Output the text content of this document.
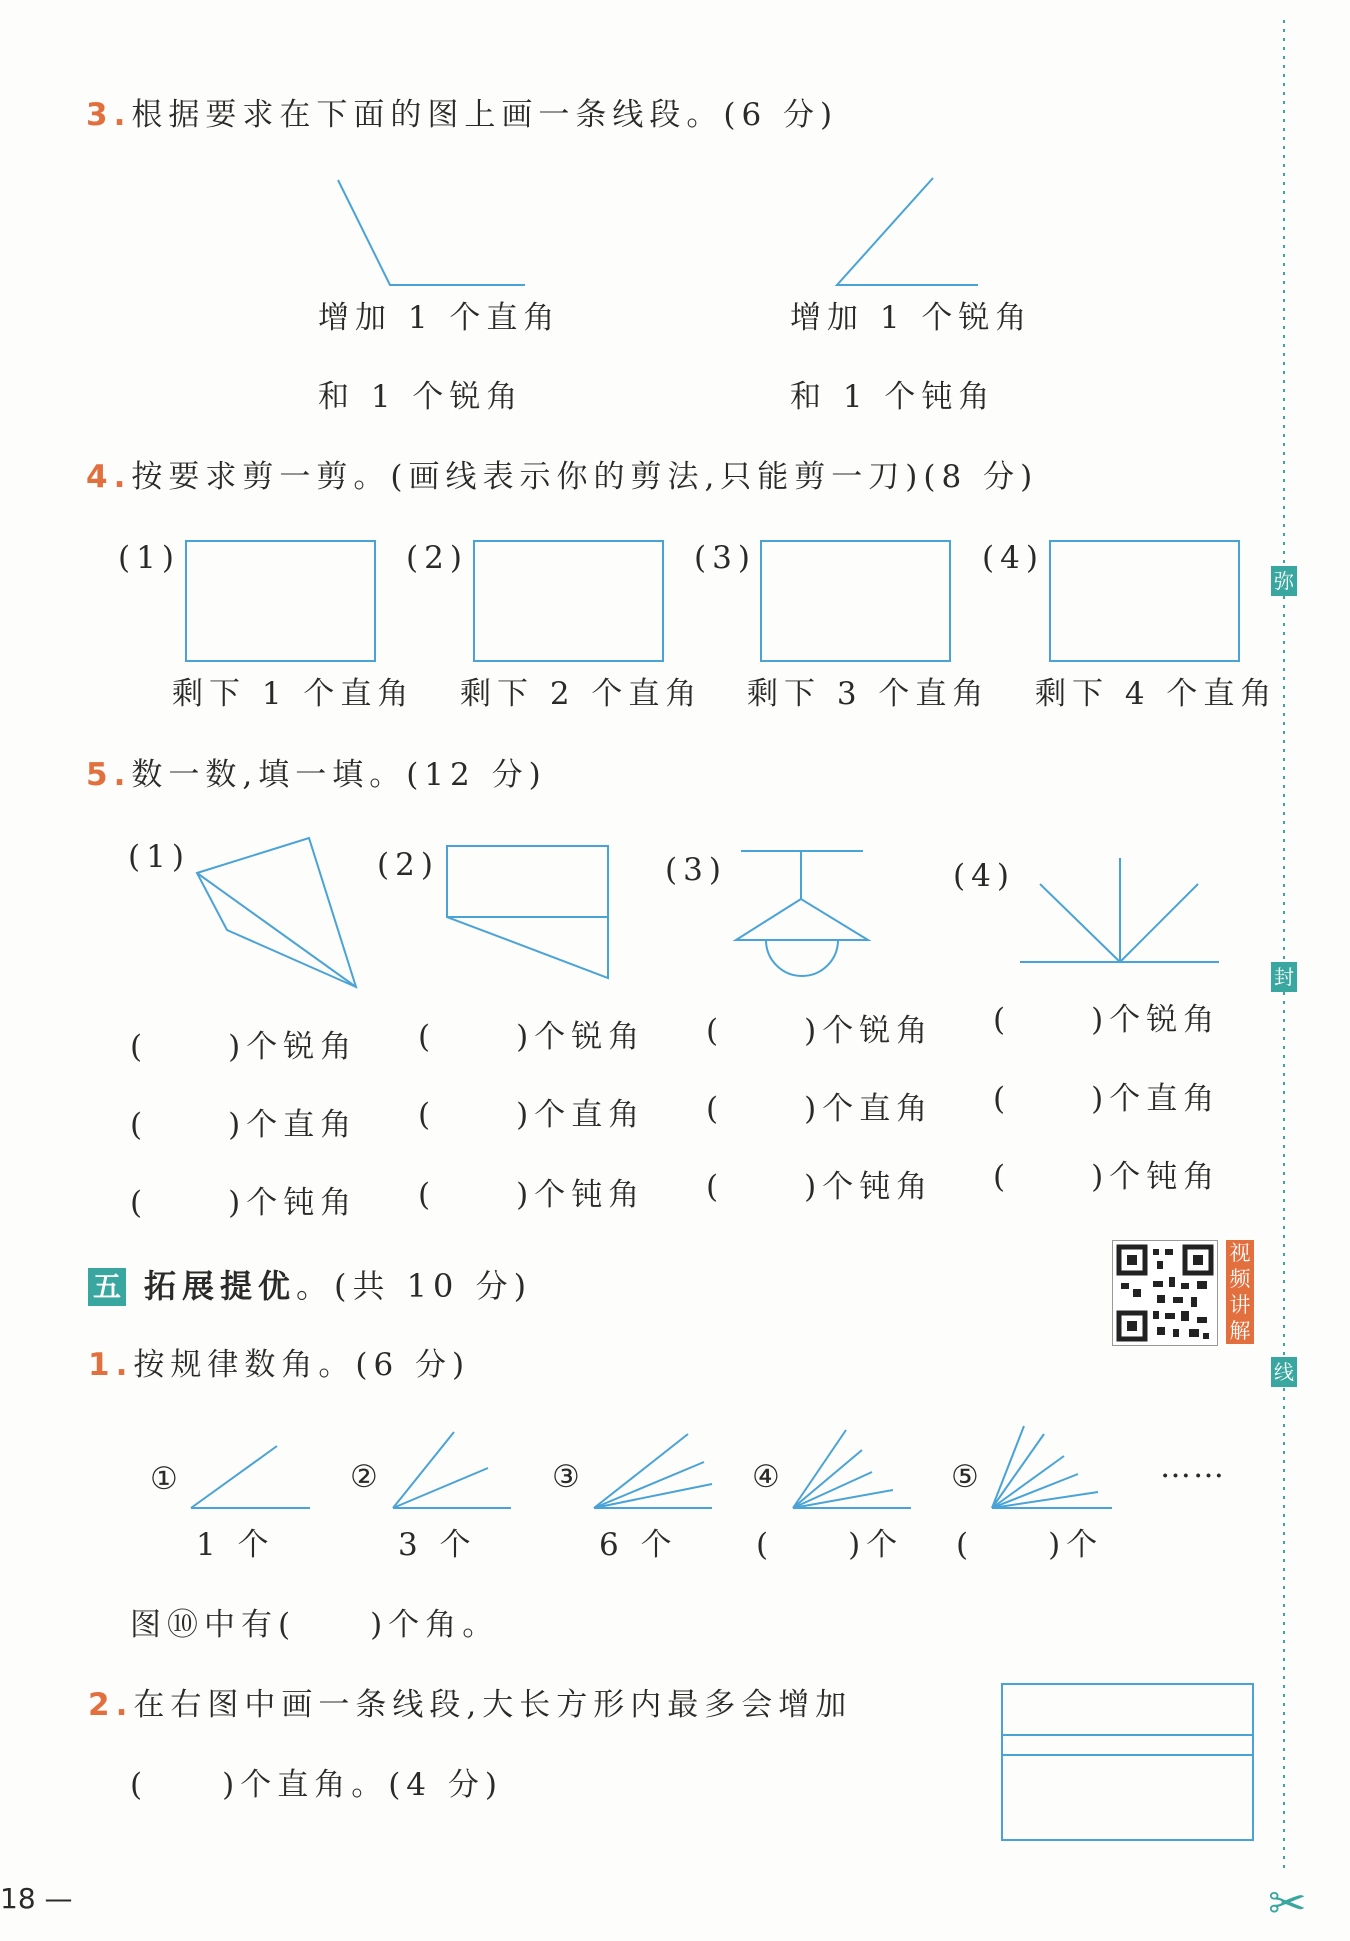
3.根据要求在下面的图上画一条线段。(6 分)
增加 1 个直角
和 1 个锐角
增加 1 个锐角
和 1 个钝角
4.按要求剪一剪。(画线表示你的剪法,只能剪一刀)(8 分)
(1)	(2)	(3)	(4)
剩下 1 个直角 剩下 2 个直角 剩下 3 个直角 剩下 4 个直角
5.数一数,填一填。(12 分)
(1)	(2)	(3)	(4)
(	)个锐角
(	)个直角
(	)个钝角
(	)个锐角
(	)个直角
(	)个钝角
(	)个锐角
(	)个直角
(	)个钝角
(	)个锐角
(	)个直角
(	)个钝角
五 拓展提优。(共 10 分)
视频讲解
1.按规律数角。(6 分)
①	②	③	④	⑤	……
1 个	3 个	6 个	(　　)个 (　　)个
图⑩中有(　　)个角。
2.在右图中画一条线段,大长方形内最多会增加
(　　)个直角。(4 分)
弥
封
线
18 —	✂
